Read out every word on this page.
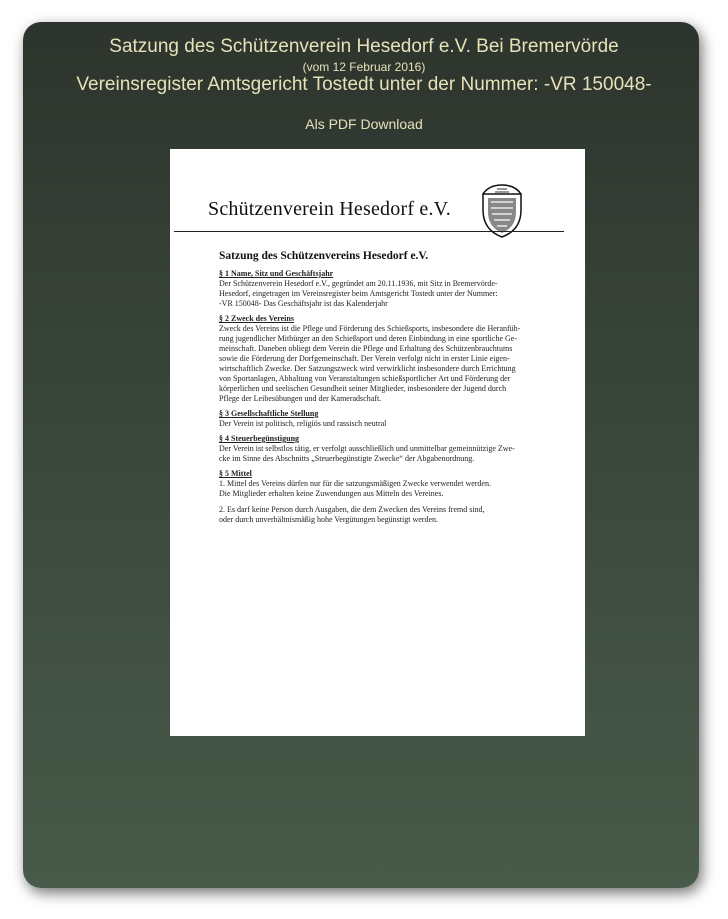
Satzung des Schützenverein Hesedorf e.V. Bei Bremervörde
(vom 12 Februar 2016)
Vereinsregister Amtsgericht Tostedt unter der Nummer: -VR 150048-
Als PDF Download
Schützenverein Hesedorf e.V.
Satzung des Schützenvereins Hesedorf e.V.
§ 1 Name, Sitz und Geschäftsjahr
Der Schützenverein Hesedorf e.V., gegründet am 20.11.1936, mit Sitz in Bremervörde-
Hesedorf, eingetragen im Vereinsregister beim Amtsgericht Tostedt unter der Nummer:
-VR 150048- Das Geschäftsjahr ist das Kalenderjahr
§ 2 Zweck des Vereins
Zweck des Vereins ist die Pflege und Förderung des Schießsports, insbesondere die Heranfüh-
rung jugendlicher Mitbürger an den Schießsport und deren Einbindung in eine sportliche Ge-
meinschaft. Daneben obliegt dem Verein die Pflege und Erhaltung des Schützenbrauchtums
sowie die Förderung der Dorfgemeinschaft. Der Verein verfolgt nicht in erster Linie eigen-
wirtschaftlich Zwecke. Der Satzungszweck wird verwirklicht insbesondere durch Errichtung
von Sportanlagen, Abhaltung von Veranstaltungen schießsportlicher Art und Förderung der
körperlichen und seelischen Gesundheit seiner Mitglieder, insbesondere der Jugend durch
Pflege der Leibesübungen und der Kameradschaft.
§ 3 Gesellschaftliche Stellung
Der Verein ist politisch, religiös und rassisch neutral
§ 4 Steuerbegünstigung
Der Verein ist selbstlos tätig, er verfolgt ausschließlich und unmittelbar gemeinnützige Zwe-
cke im Sinne des Abschnitts „Steuerbegünstigte Zwecke“ der Abgabenordnung.
§ 5 Mittel
1. Mittel des Vereins dürfen nur für die satzungsmäßigen Zwecke verwendet werden.
Die Mitglieder erhalten keine Zuwendungen aus Mitteln des Vereines.
2. Es darf keine Person durch Ausgaben, die dem Zwecken des Vereins fremd sind,
oder durch unverhältnismäßig hohe Vergütungen begünstigt werden.
